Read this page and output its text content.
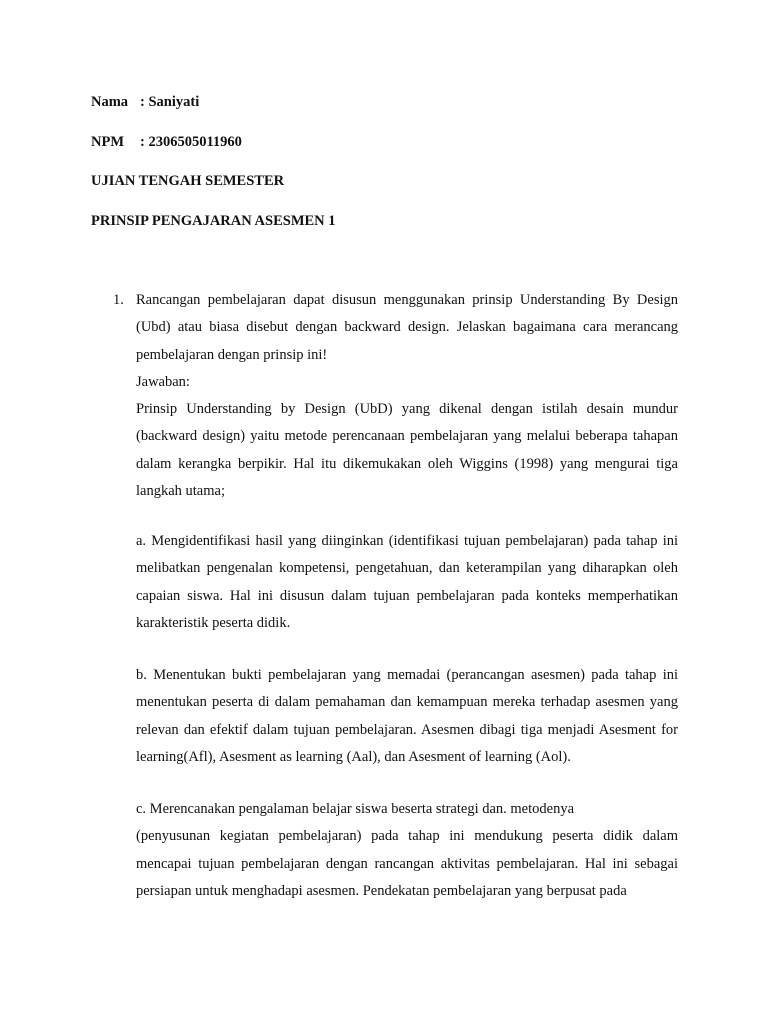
Nama : Saniyati
NPM : 2306505011960
UJIAN TENGAH SEMESTER
PRINSIP PENGAJARAN ASESMEN 1
1. Rancangan pembelajaran dapat disusun menggunakan prinsip Understanding By Design (Ubd) atau biasa disebut dengan backward design. Jelaskan bagaimana cara merancang pembelajaran dengan prinsip ini!

Jawaban:

Prinsip Understanding by Design (UbD) yang dikenal dengan istilah desain mundur (backward design) yaitu metode perencanaan pembelajaran yang melalui beberapa tahapan dalam kerangka berpikir. Hal itu dikemukakan oleh Wiggins (1998) yang mengurai tiga langkah utama;

a. Mengidentifikasi hasil yang diinginkan (identifikasi tujuan pembelajaran) pada tahap ini melibatkan pengenalan kompetensi, pengetahuan, dan keterampilan yang diharapkan oleh capaian siswa. Hal ini disusun dalam tujuan pembelajaran pada konteks memperhatikan karakteristik peserta didik.

b. Menentukan bukti pembelajaran yang memadai (perancangan asesmen) pada tahap ini menentukan peserta di dalam pemahaman dan kemampuan mereka terhadap asesmen yang relevan dan efektif dalam tujuan pembelajaran. Asesmen dibagi tiga menjadi Asesment for learning(Afl), Asesment as learning (Aal), dan Asesment of learning (Aol).

c. Merencanakan pengalaman belajar siswa beserta strategi dan. metodenya

(penyusunan kegiatan pembelajaran) pada tahap ini mendukung peserta didik dalam mencapai tujuan pembelajaran dengan rancangan aktivitas pembelajaran. Hal ini sebagai persiapan untuk menghadapi asesmen. Pendekatan pembelajaran yang berpusat pada
